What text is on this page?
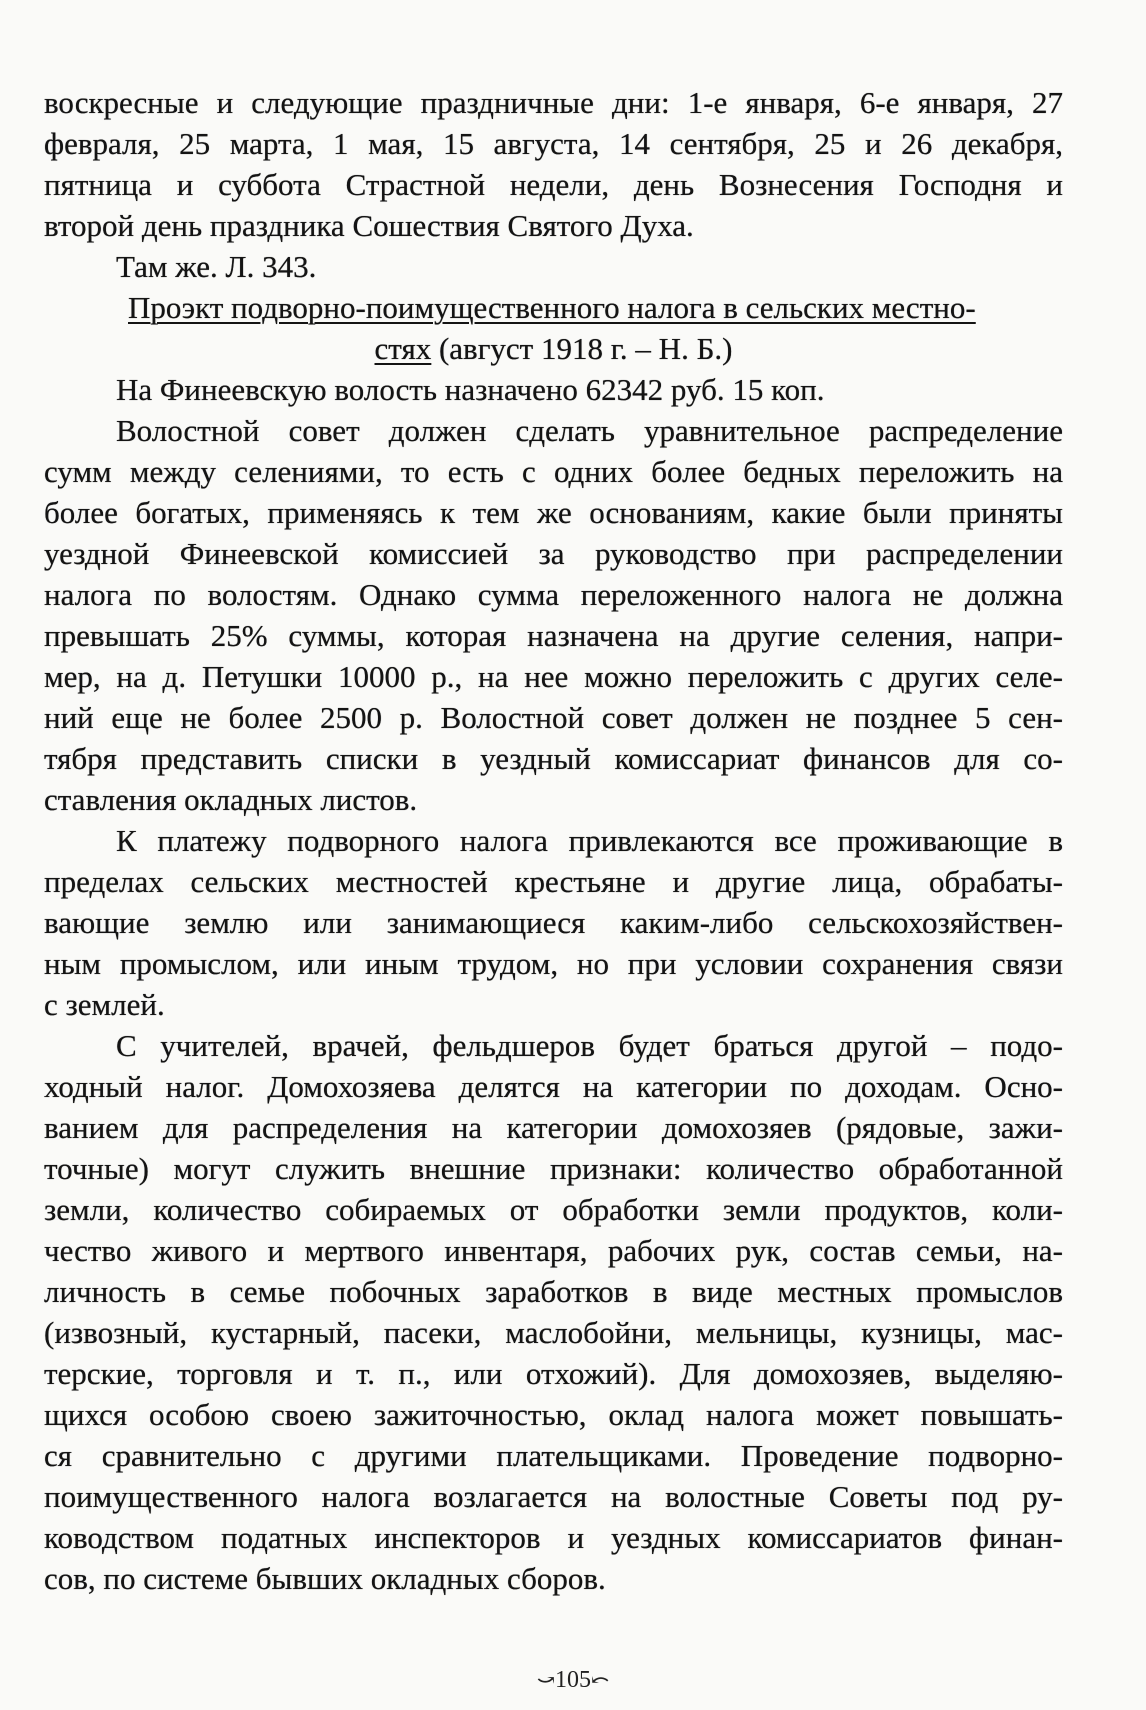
воскресные и следующие праздничные дни: 1-е января, 6-е января, 27
февраля, 25 марта, 1 мая, 15 августа, 14 сентября, 25 и 26 декабря,
пятница и суббота Страстной недели, день Вознесения Господня и
второй день праздника Сошествия Святого Духа.
Там же. Л. 343.
Проэкт подворно-поимущественного налога в сельских местно-
стях (август 1918 г. – Н. Б.)
На Финеевскую волость назначено 62342 руб. 15 коп.
Волостной совет должен сделать уравнительное распределение
сумм между селениями, то есть с одних более бедных переложить на
более богатых, применяясь к тем же основаниям, какие были приняты
уездной Финеевской комиссией за руководство при распределении
налога по волостям. Однако сумма переложенного налога не должна
превышать 25% суммы, которая назначена на другие селения, напри-
мер, на д. Петушки 10000 р., на нее можно переложить с других селе-
ний еще не более 2500 р. Волостной совет должен не позднее 5 сен-
тября представить списки в уездный комиссариат финансов для со-
ставления окладных листов.
К платежу подворного налога привлекаются все проживающие в
пределах сельских местностей крестьяне и другие лица, обрабаты-
вающие землю или занимающиеся каким-либо сельскохозяйствен-
ным промыслом, или иным трудом, но при условии сохранения связи
с землей.
С учителей, врачей, фельдшеров будет браться другой – подо-
ходный налог. Домохозяева делятся на категории по доходам. Осно-
ванием для распределения на категории домохозяев (рядовые, зажи-
точные) могут служить внешние признаки: количество обработанной
земли, количество собираемых от обработки земли продуктов, коли-
чество живого и мертвого инвентаря, рабочих рук, состав семьи, на-
личность в семье побочных заработков в виде местных промыслов
(извозный, кустарный, пасеки, маслобойни, мельницы, кузницы, мас-
терские, торговля и т. п., или отхожий). Для домохозяев, выделяю-
щихся особою своею зажиточностью, оклад налога может повышать-
ся сравнительно с другими плательщиками. Проведение подворно-
поимущественного налога возлагается на волостные Советы под ру-
ководством податных инспекторов и уездных комиссариатов финан-
сов, по системе бывших окладных сборов.
⤻105⤺
